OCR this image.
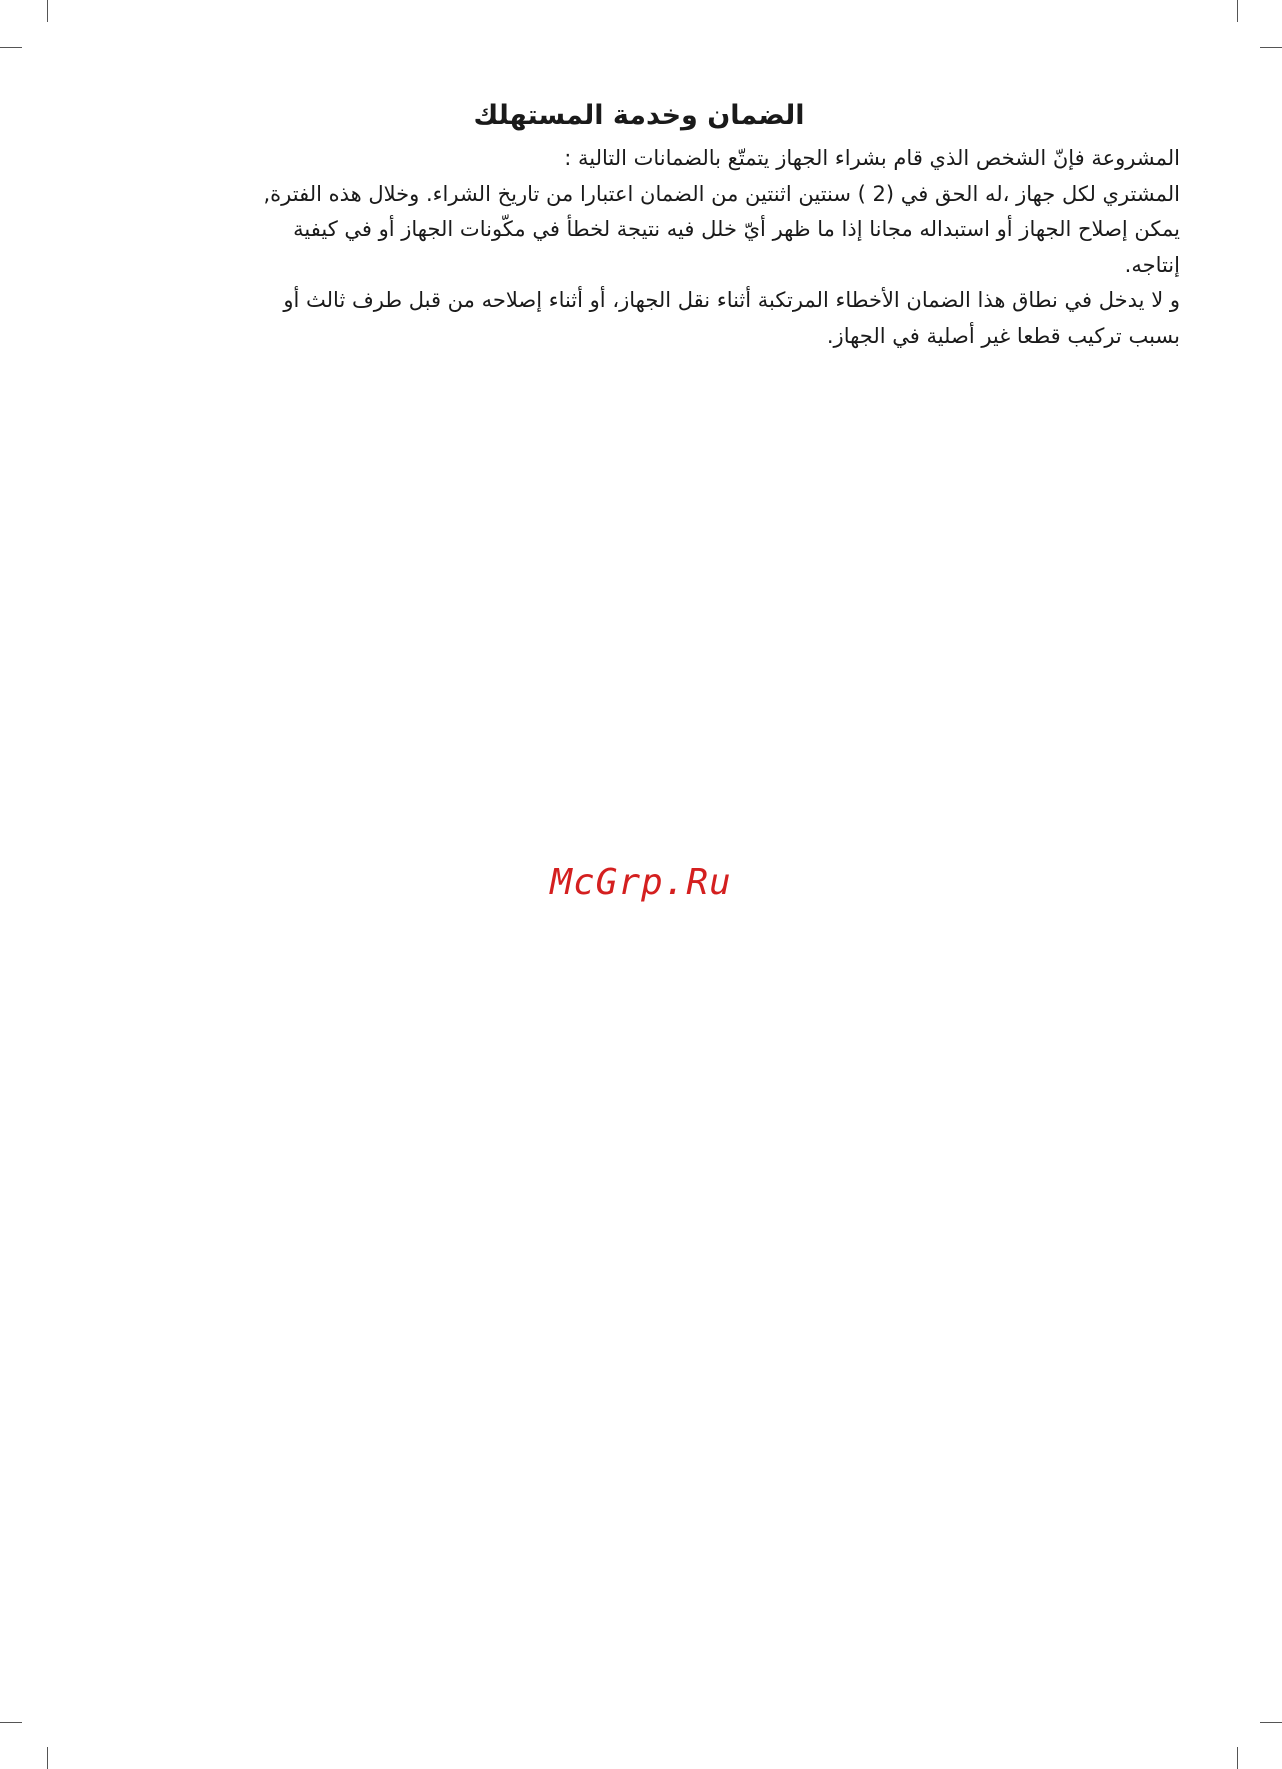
الضمان وخدمة المستهلك

المشروعة فإنّ الشخص الذي قام بشراء الجهاز يتمتّع بالضمانات التالية :
المشتري لكل جهاز ،له الحق في (2 ) سنتين اثنتين من الضمان اعتبارا من تاريخ الشراء. وخلال هذه الفترة,
يمكن إصلاح الجهاز أو استبداله مجانا إذا ما ظهر أيّ خلل فيه نتيجة لخطأ في مكّونات الجهاز أو في كيفية
إنتاجه.
و لا يدخل في نطاق هذا الضمان الأخطاء المرتكبة أثناء نقل الجهاز، أو أثناء إصلاحه من قبل طرف ثالث أو
بسبب تركيب قطعا غير أصلية في الجهاز.

McGrp.Ru
